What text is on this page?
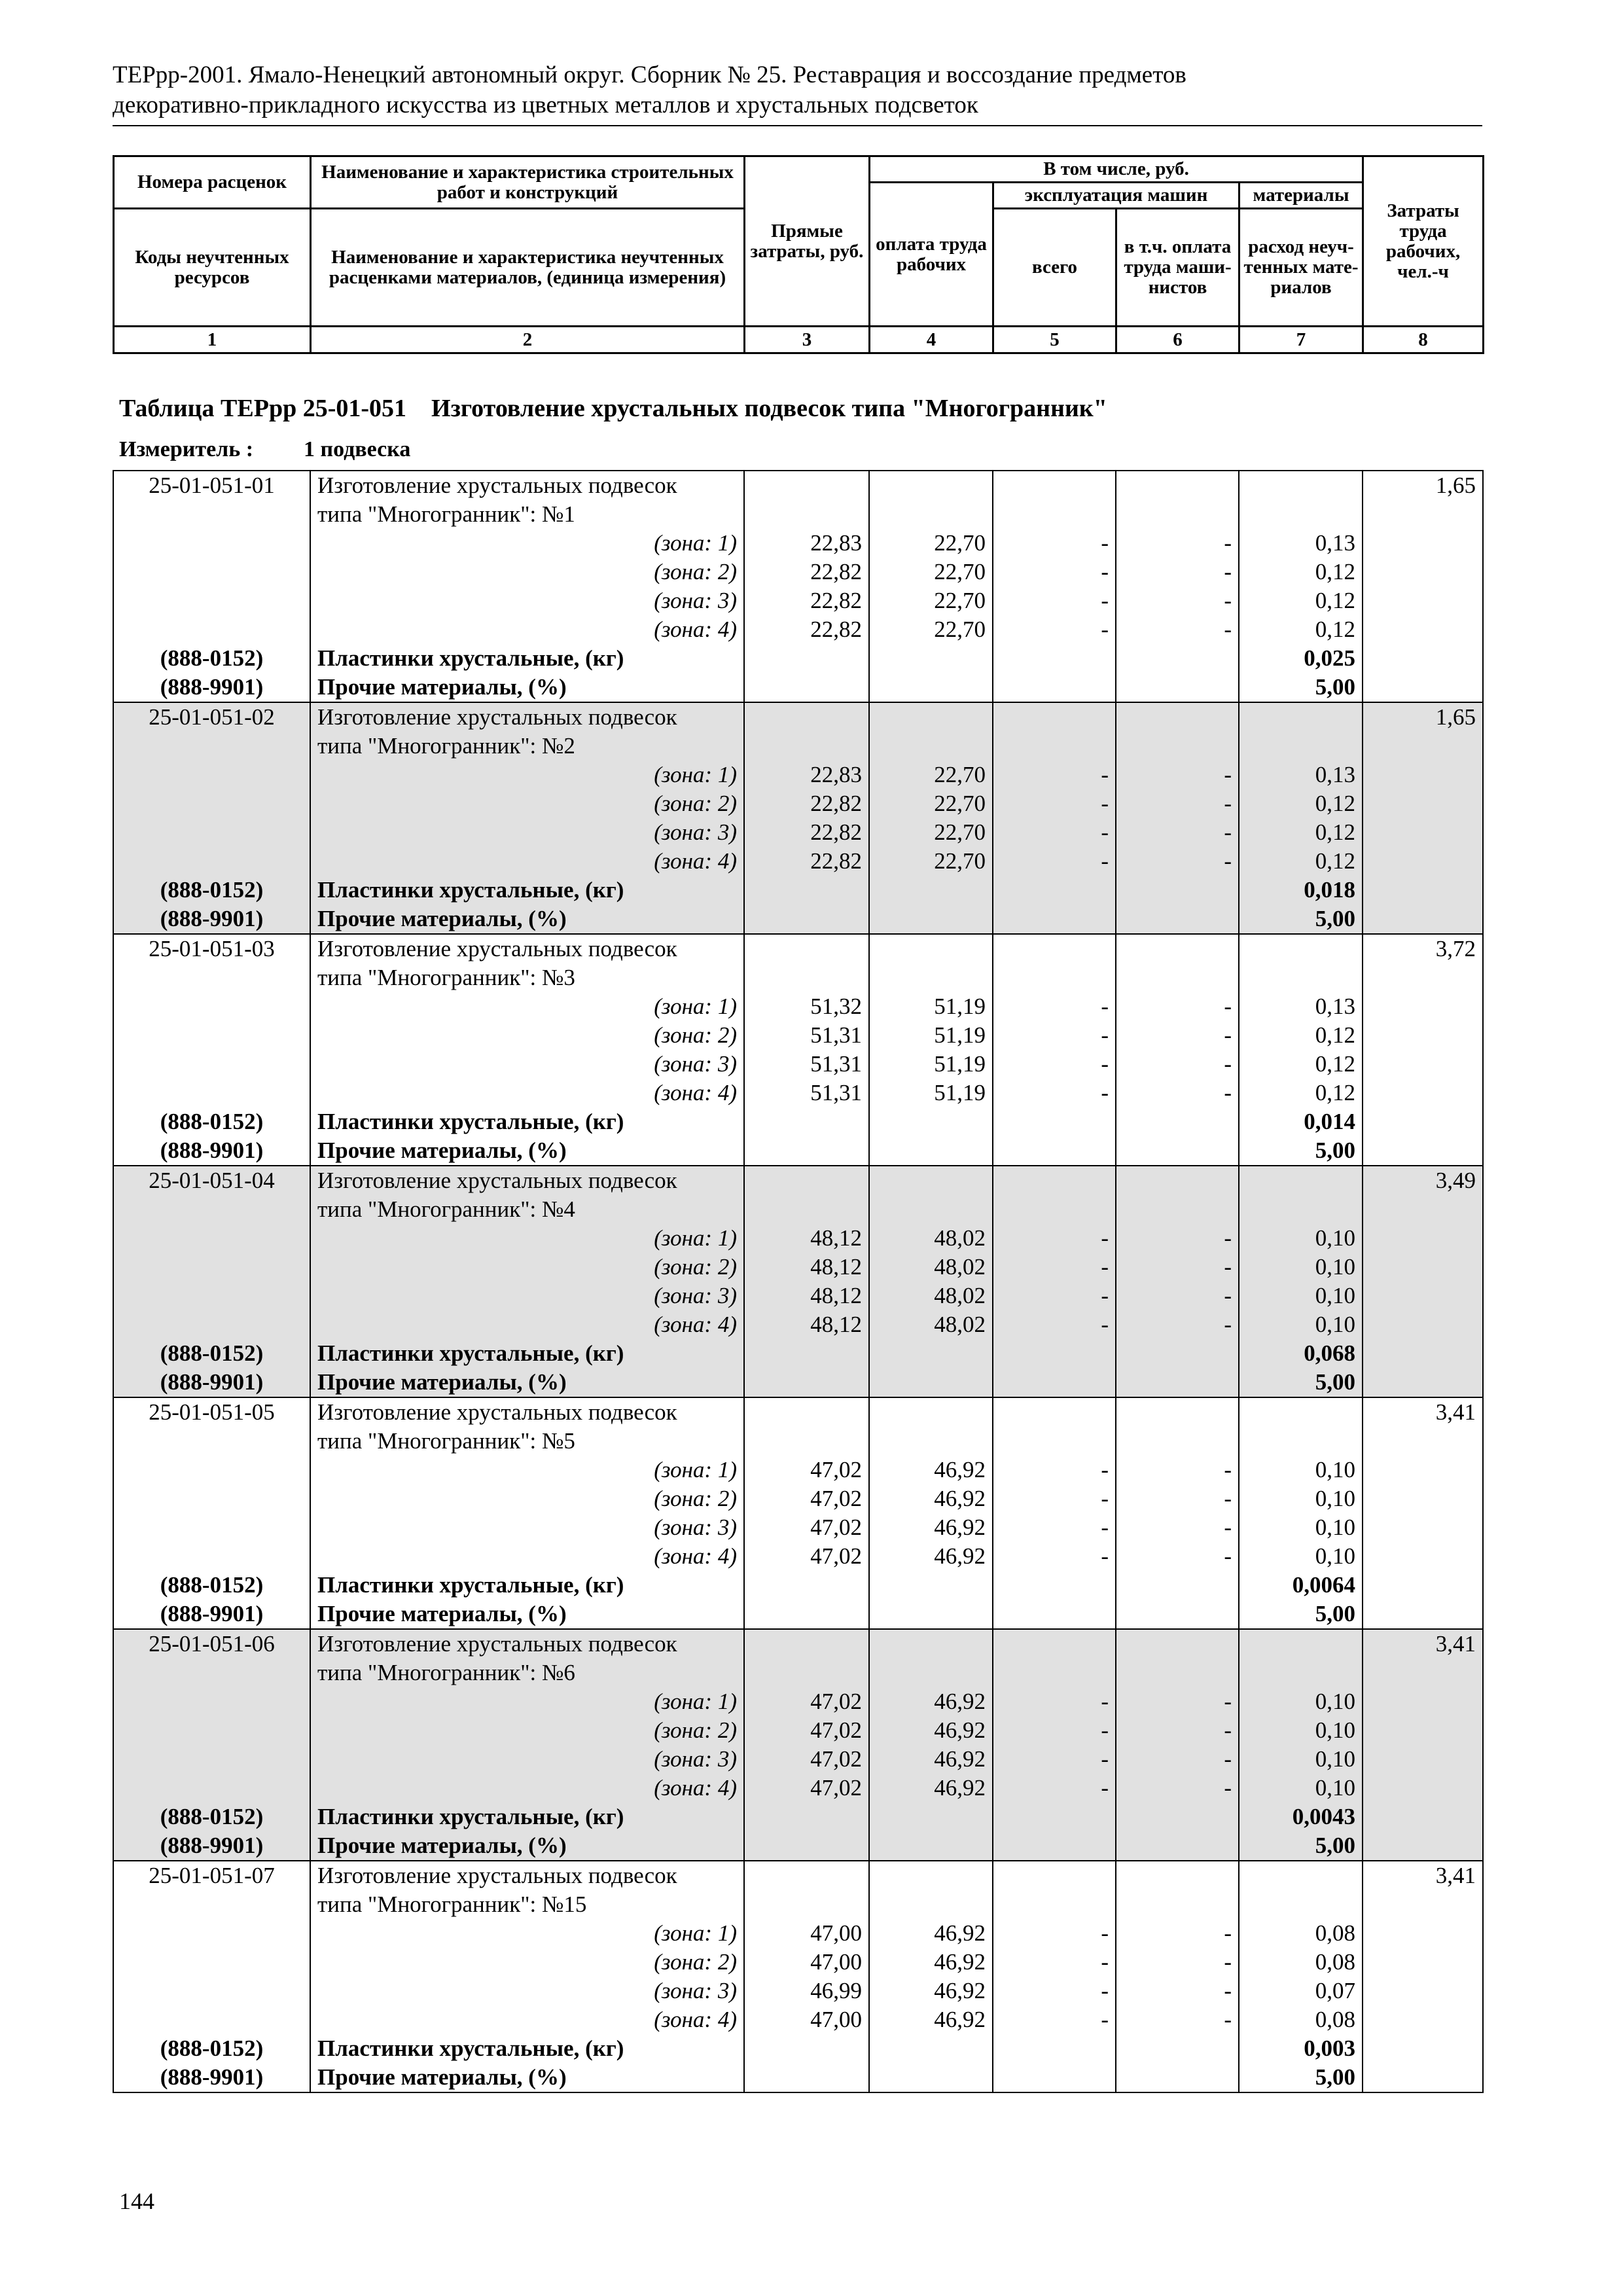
ТЕРрр-2001. Ямало-Ненецкий автономный округ. Сборник № 25. Реставрация и воссоздание предметов
декоративно-прикладного искусства из цветных металлов и хрустальных подсветок
Номера расценок	Наименование и характеристика строительных работ и конструкций	Прямые затраты, руб.	В том числе, руб.				Затраты труда рабочих, чел.-ч
			оплата труда рабочих	эксплуатация машин		материалы	
Коды неучтенных ресурсов	Наименование и характеристика неучтенных расценками материалов, (единица измерения)			всего	в т.ч. оплата труда маши-нистов	расход неуч-тенных мате-риалов	

1	2	3	4	5	6	7	8
Таблица ТЕРрр 25-01-051    Изготовление хрустальных подвесок типа "Многогранник"
Измеритель : 1 подвеска
25-01-051-01	Изготовление хрустальных подвесок						1,65
	типа "Многогранник": №1						
	(зона: 1)	22,83	22,70	-	-	0,13	
	(зона: 2)	22,82	22,70	-	-	0,12	
	(зона: 3)	22,82	22,70	-	-	0,12	
	(зона: 4)	22,82	22,70	-	-	0,12	
(888-0152)	Пластинки хрустальные, (кг)					0,025	
(888-9901)	Прочие материалы, (%)					5,00	
25-01-051-02	Изготовление хрустальных подвесок						1,65
	типа "Многогранник": №2						
	(зона: 1)	22,83	22,70	-	-	0,13	
	(зона: 2)	22,82	22,70	-	-	0,12	
	(зона: 3)	22,82	22,70	-	-	0,12	
	(зона: 4)	22,82	22,70	-	-	0,12	
(888-0152)	Пластинки хрустальные, (кг)					0,018	
(888-9901)	Прочие материалы, (%)					5,00	
25-01-051-03	Изготовление хрустальных подвесок						3,72
	типа "Многогранник": №3						
	(зона: 1)	51,32	51,19	-	-	0,13	
	(зона: 2)	51,31	51,19	-	-	0,12	
	(зона: 3)	51,31	51,19	-	-	0,12	
	(зона: 4)	51,31	51,19	-	-	0,12	
(888-0152)	Пластинки хрустальные, (кг)					0,014	
(888-9901)	Прочие материалы, (%)					5,00	
25-01-051-04	Изготовление хрустальных подвесок						3,49
	типа "Многогранник": №4						
	(зона: 1)	48,12	48,02	-	-	0,10	
	(зона: 2)	48,12	48,02	-	-	0,10	
	(зона: 3)	48,12	48,02	-	-	0,10	
	(зона: 4)	48,12	48,02	-	-	0,10	
(888-0152)	Пластинки хрустальные, (кг)					0,068	
(888-9901)	Прочие материалы, (%)					5,00	
25-01-051-05	Изготовление хрустальных подвесок						3,41
	типа "Многогранник": №5						
	(зона: 1)	47,02	46,92	-	-	0,10	
	(зона: 2)	47,02	46,92	-	-	0,10	
	(зона: 3)	47,02	46,92	-	-	0,10	
	(зона: 4)	47,02	46,92	-	-	0,10	
(888-0152)	Пластинки хрустальные, (кг)					0,0064	
(888-9901)	Прочие материалы, (%)					5,00	
25-01-051-06	Изготовление хрустальных подвесок						3,41
	типа "Многогранник": №6						
	(зона: 1)	47,02	46,92	-	-	0,10	
	(зона: 2)	47,02	46,92	-	-	0,10	
	(зона: 3)	47,02	46,92	-	-	0,10	
	(зона: 4)	47,02	46,92	-	-	0,10	
(888-0152)	Пластинки хрустальные, (кг)					0,0043	
(888-9901)	Прочие материалы, (%)					5,00	
25-01-051-07	Изготовление хрустальных подвесок						3,41
	типа "Многогранник": №15						
	(зона: 1)	47,00	46,92	-	-	0,08	
	(зона: 2)	47,00	46,92	-	-	0,08	
	(зона: 3)	46,99	46,92	-	-	0,07	
	(зона: 4)	47,00	46,92	-	-	0,08	
(888-0152)	Пластинки хрустальные, (кг)					0,003	
(888-9901)	Прочие материалы, (%)					5,00	
144
